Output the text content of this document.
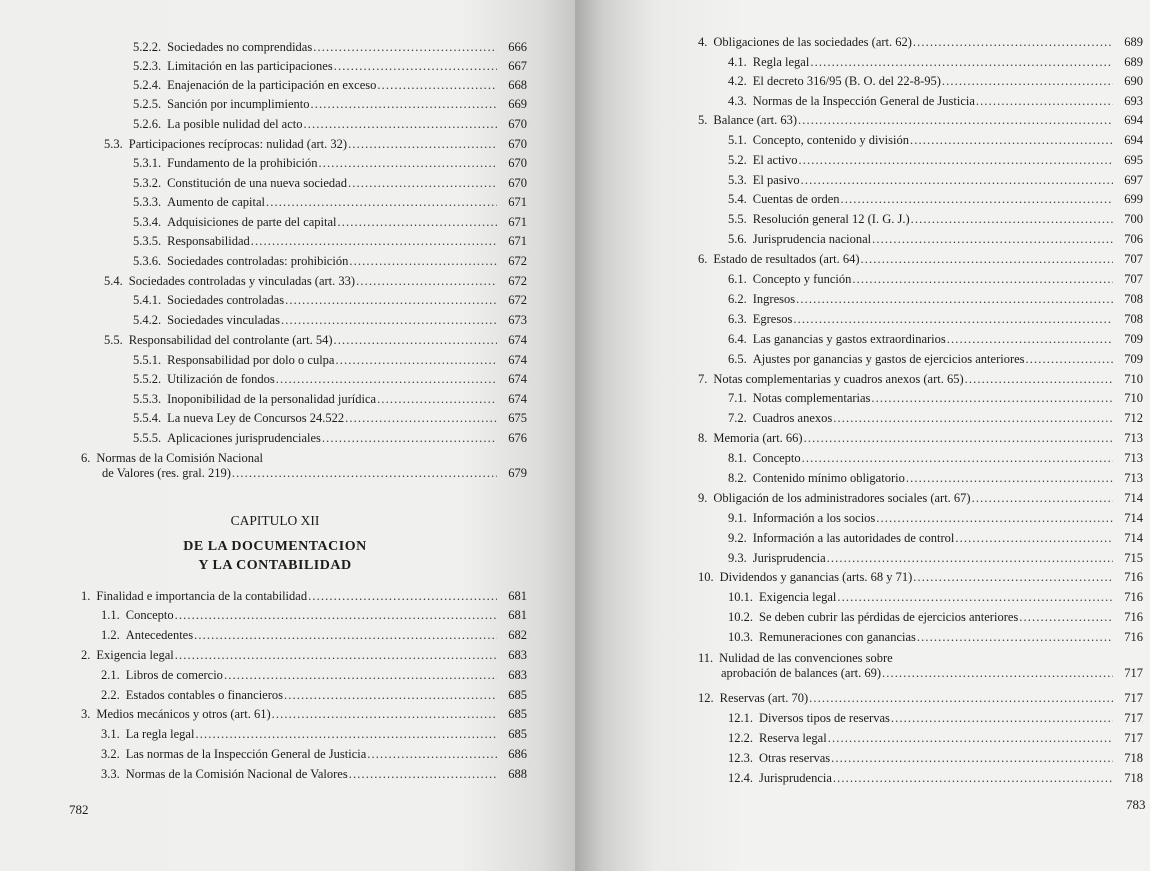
5.2.2. Sociedades no comprendidas . . .	666
5.2.3. Limitación en las participaciones . . .	667
5.2.4. Enajenación de la participación en exceso . . .	668
5.2.5. Sanción por incumplimiento . . .	669
5.2.6. La posible nulidad del acto . . .	670
5.3. Participaciones recíprocas: nulidad (art. 32) . . .	670
5.3.1. Fundamento de la prohibición . . .	670
5.3.2. Constitución de una nueva sociedad . . .	670
5.3.3. Aumento de capital . . .	671
5.3.4. Adquisiciones de parte del capital . . .	671
5.3.5. Responsabilidad . . .	671
5.3.6. Sociedades controladas: prohibición . . .	672
5.4. Sociedades controladas y vinculadas (art. 33) . . .	672
5.4.1. Sociedades controladas . . .	672
5.4.2. Sociedades vinculadas . . .	673
5.5. Responsabilidad del controlante (art. 54) . . .	674
5.5.1. Responsabilidad por dolo o culpa . . .	674
5.5.2. Utilización de fondos . . .	674
5.5.3. Inoponibilidad de la personalidad jurídica . . .	674
5.5.4. La nueva Ley de Concursos 24.522 . . .	675
5.5.5. Aplicaciones jurisprudenciales . . .	676
6. Normas de la Comisión Nacional
de Valores (res. gral. 219) . . .	679
1. Finalidad e importancia de la contabilidad . . .	681
1.1. Concepto . . .	681
1.2. Antecedentes . . .	682
2. Exigencia legal . . .	683
2.1. Libros de comercio . . .	683
2.2. Estados contables o financieros . . .	685
3. Medios mecánicos y otros (art. 61) . . .	685
3.1. La regla legal . . .	685
3.2. Las normas de la Inspección General de Justicia . . .	686
3.3. Normas de la Comisión Nacional de Valores . . .	688
CAPITULO XII
DE LA DOCUMENTACION
Y LA CONTABILIDAD
782
4. Obligaciones de las sociedades (art. 62) . . .	689
4.1. Regla legal . . .	689
4.2. El decreto 316/95 (B. O. del 22-8-95) . . .	690
4.3. Normas de la Inspección General de Justicia . . .	693
5. Balance (art. 63) . . .	694
5.1. Concepto, contenido y división . . .	694
5.2. El activo . . .	695
5.3. El pasivo . . .	697
5.4. Cuentas de orden . . .	699
5.5. Resolución general 12 (I. G. J.) . . .	700
5.6. Jurisprudencia nacional . . .	706
6. Estado de resultados (art. 64) . . .	707
6.1. Concepto y función . . .	707
6.2. Ingresos . . .	708
6.3. Egresos . . .	708
6.4. Las ganancias y gastos extraordinarios . . .	709
6.5. Ajustes por ganancias y gastos de ejercicios anteriores . . .	709
7. Notas complementarias y cuadros anexos (art. 65) . . .	710
7.1. Notas complementarias . . .	710
7.2. Cuadros anexos . . .	712
8. Memoria (art. 66) . . .	713
8.1. Concepto . . .	713
8.2. Contenido mínimo obligatorio . . .	713
9. Obligación de los administradores sociales (art. 67) . . .	714
9.1. Información a los socios . . .	714
9.2. Información a las autoridades de control . . .	714
9.3. Jurisprudencia . . .	715
10. Dividendos y ganancias (arts. 68 y 71) . . .	716
10.1. Exigencia legal . . .	716
10.2. Se deben cubrir las pérdidas de ejercicios anteriores . . .	716
10.3. Remuneraciones con ganancias . . .	716
11. Nulidad de las convenciones sobre
aprobación de balances (art. 69) . . .	717
12. Reservas (art. 70) . . .	717
12.1. Diversos tipos de reservas . . .	717
12.2. Reserva legal . . .	717
12.3. Otras reservas . . .	718
12.4. Jurisprudencia . . .	718
783
